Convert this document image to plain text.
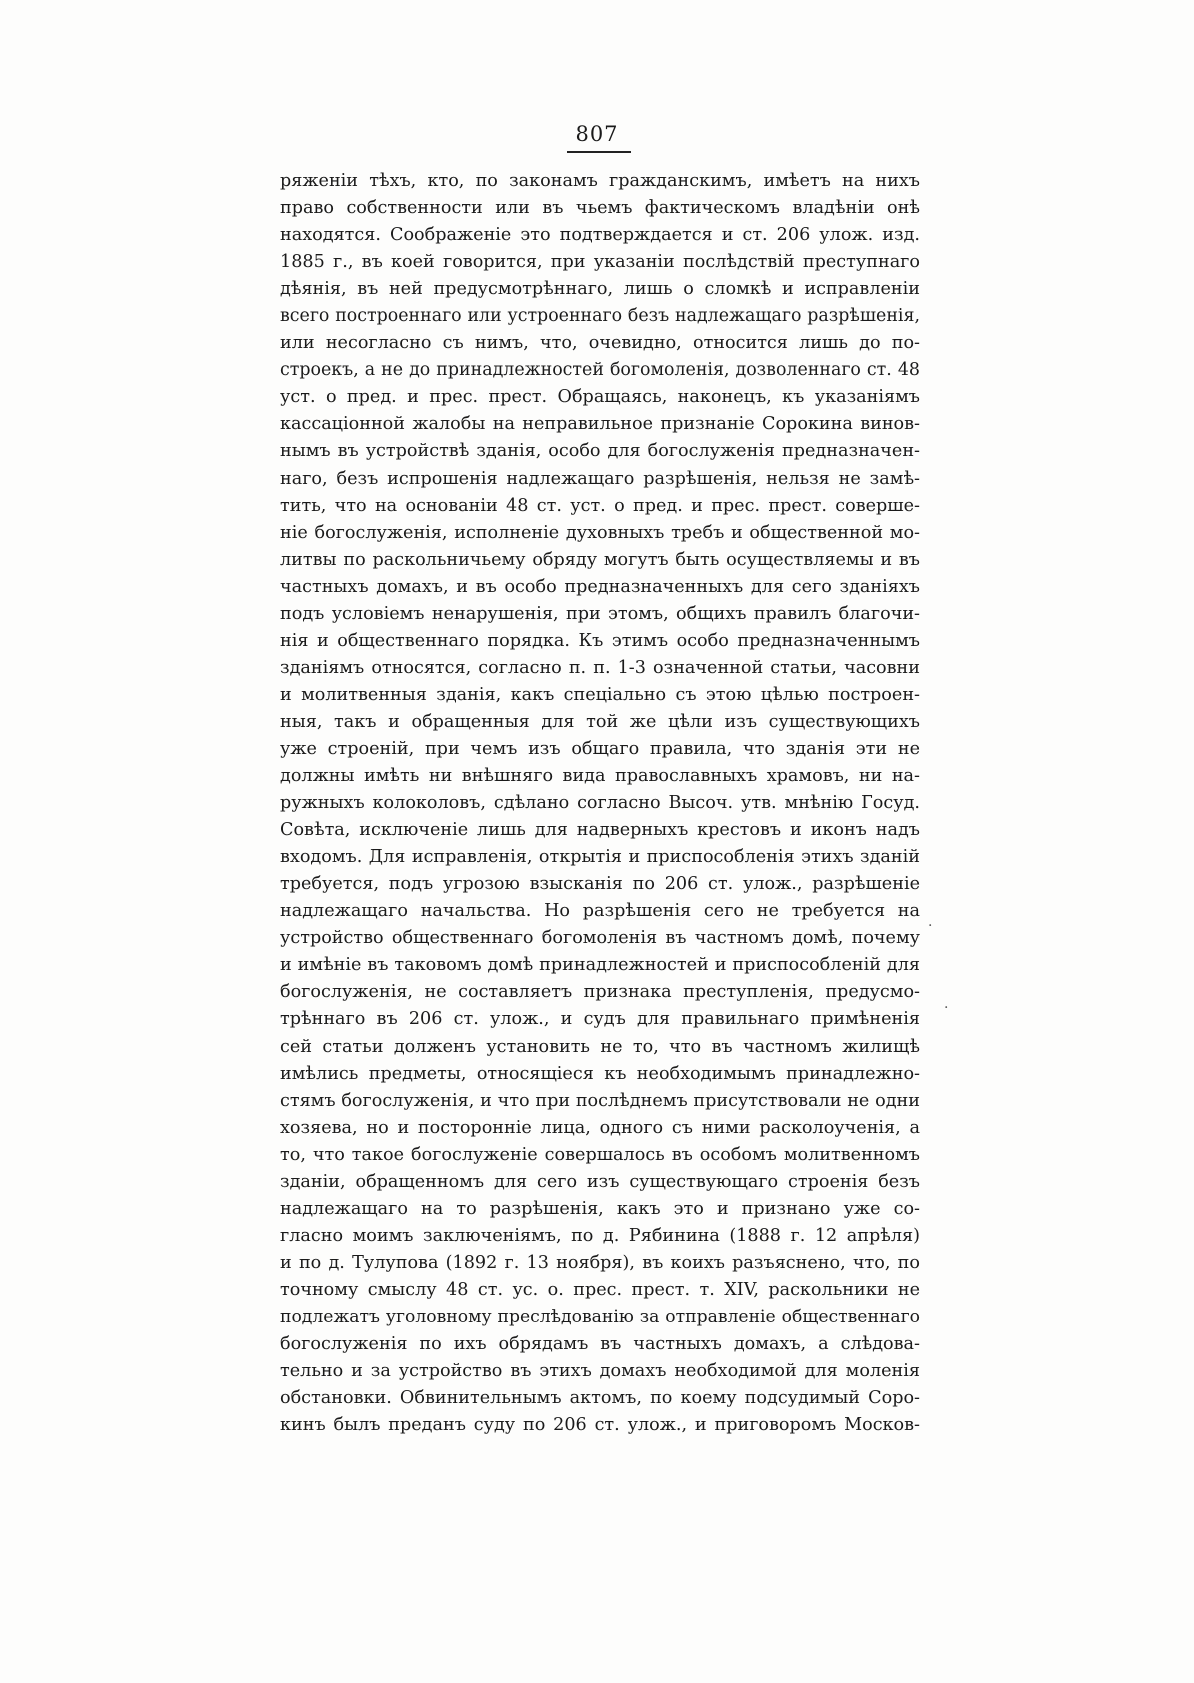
807
ряженіи тѣхъ, кто, по законамъ гражданскимъ, имѣетъ на нихъ
право собственности или въ чьемъ фактическомъ владѣніи онѣ
находятся. Соображеніе это подтверждается и ст. 206 улож. изд.
1885 г., въ коей говорится, при указаніи послѣдствій преступнаго
дѣянія, въ ней предусмотрѣннаго, лишь о сломкѣ и исправленіи
всего построеннаго или устроеннаго безъ надлежащаго разрѣшенія,
или несогласно съ нимъ, что, очевидно, относится лишь до по-
строекъ, а не до принадлежностей богомоленія, дозволеннаго ст. 48
уст. о пред. и прес. прест. Обращаясь, наконецъ, къ указаніямъ
кассаціонной жалобы на неправильное признаніе Сорокина винов-
нымъ въ устройствѣ зданія, особо для богослуженія предназначен-
наго, безъ испрошенія надлежащаго разрѣшенія, нельзя не замѣ-
тить, что на основаніи 48 ст. уст. о пред. и прес. прест. соверше-
ніе богослуженія, исполненіе духовныхъ требъ и общественной мо-
литвы по раскольничьему обряду могутъ быть осуществляемы и въ
частныхъ домахъ, и въ особо предназначенныхъ для сего зданіяхъ
подъ условіемъ ненарушенія, при этомъ, общихъ правилъ благочи-
нія и общественнаго порядка. Къ этимъ особо предназначеннымъ
зданіямъ относятся, согласно п. п. 1-3 означенной статьи, часовни
и молитвенныя зданія, какъ спеціально съ этою цѣлью построен-
ныя, такъ и обращенныя для той же цѣли изъ существующихъ
уже строеній, при чемъ изъ общаго правила, что зданія эти не
должны имѣть ни внѣшняго вида православныхъ храмовъ, ни на-
ружныхъ колоколовъ, сдѣлано согласно Высоч. утв. мнѣнію Госуд.
Совѣта, исключеніе лишь для надверныхъ крестовъ и иконъ надъ
входомъ. Для исправленія, открытія и приспособленія этихъ зданій
требуется, подъ угрозою взысканія по 206 ст. улож., разрѣшеніе
надлежащаго начальства. Но разрѣшенія сего не требуется на
устройство общественнаго богомоленія въ частномъ домѣ, почему
и имѣніе въ таковомъ домѣ принадлежностей и приспособленій для
богослуженія, не составляетъ признака преступленія, предусмо-
трѣннаго въ 206 ст. улож., и судъ для правильнаго примѣненія
сей статьи долженъ установить не то, что въ частномъ жилищѣ
имѣлись предметы, относящіеся къ необходимымъ принадлежно-
стямъ богослуженія, и что при послѣднемъ присутствовали не одни
хозяева, но и посторонніе лица, одного съ ними расколоученія, а
то, что такое богослуженіе совершалось въ особомъ молитвенномъ
зданіи, обращенномъ для сего изъ существующаго строенія безъ
надлежащаго на то разрѣшенія, какъ это и признано уже со-
гласно моимъ заключеніямъ, по д. Рябинина (1888 г. 12 апрѣля)
и по д. Тулупова (1892 г. 13 ноября), въ коихъ разъяснено, что, по
точному смыслу 48 ст. ус. о. прес. прест. т. XIV, раскольники не
подлежатъ уголовному преслѣдованію за отправленіе общественнаго
богослуженія по ихъ обрядамъ въ частныхъ домахъ, а слѣдова-
тельно и за устройство въ этихъ домахъ необходимой для моленія
обстановки. Обвинительнымъ актомъ, по коему подсудимый Соро-
кинъ былъ преданъ суду по 206 ст. улож., и приговоромъ Москов-
·
·
